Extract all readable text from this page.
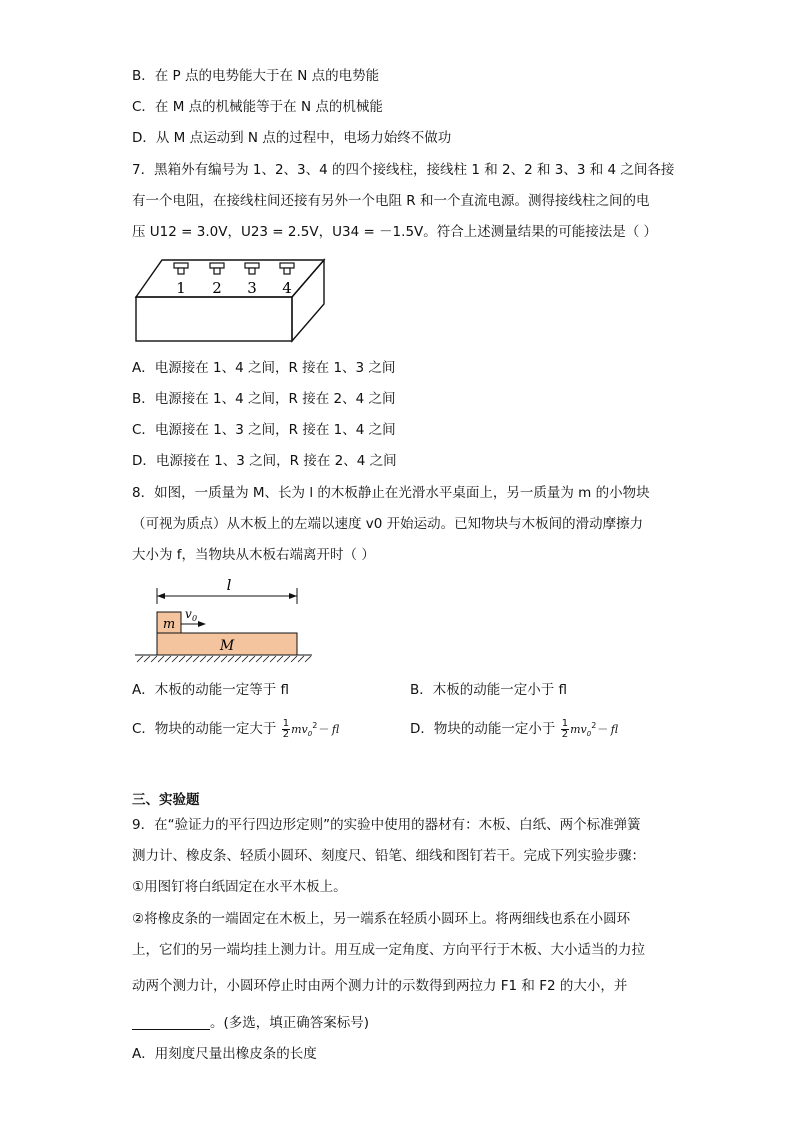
B．在 P 点的电势能大于在 N 点的电势能
C．在 M 点的机械能等于在 N 点的机械能
D．从 M 点运动到 N 点的过程中，电场力始终不做功
7．黑箱外有编号为 1、2、3、4 的四个接线柱，接线柱 1 和 2、2 和 3、3 和 4 之间各接
有一个电阻，在接线柱间还接有另外一个电阻 R 和一个直流电源。测得接线柱之间的电
压 U12 = 3.0V，U23 = 2.5V，U34 = －1.5V。符合上述测量结果的可能接法是（ ）
1 2 3 4
A．电源接在 1、4 之间，R 接在 1、3 之间
B．电源接在 1、4 之间，R 接在 2、4 之间
C．电源接在 1、3 之间，R 接在 1、4 之间
D．电源接在 1、3 之间，R 接在 2、4 之间
8．如图，一质量为 M、长为 l 的木板静止在光滑水平桌面上，另一质量为 m 的小物块
（可视为质点）从木板上的左端以速度 v0 开始运动。已知物块与木板间的滑动摩擦力
大小为 f，当物块从木板右端离开时（ ）
l
M
m
v 0
A．木板的动能一定等于 fl	B．木板的动能一定小于 fl
C．物块的动能一定大于 $\frac{1}{2} mv_0^2-$ fl	D．物块的动能一定小于 $\frac{1}{2} mv_0^2-$ fl
三、实验题
9．在“验证力的平行四边形定则”的实验中使用的器材有：木板、白纸、两个标准弹簧
测力计、橡皮条、轻质小圆环、刻度尺、铅笔、细线和图钉若干。完成下列实验步骤：
①用图钉将白纸固定在水平木板上。
②将橡皮条的一端固定在木板上，另一端系在轻质小圆环上。将两细线也系在小圆环
上，它们的另一端均挂上测力计。用互成一定角度、方向平行于木板、大小适当的力拉
动两个测力计，小圆环停止时由两个测力计的示数得到两拉力 F1 和 F2 的大小，并
。(多选，填正确答案标号)
A．用刻度尺量出橡皮条的长度
